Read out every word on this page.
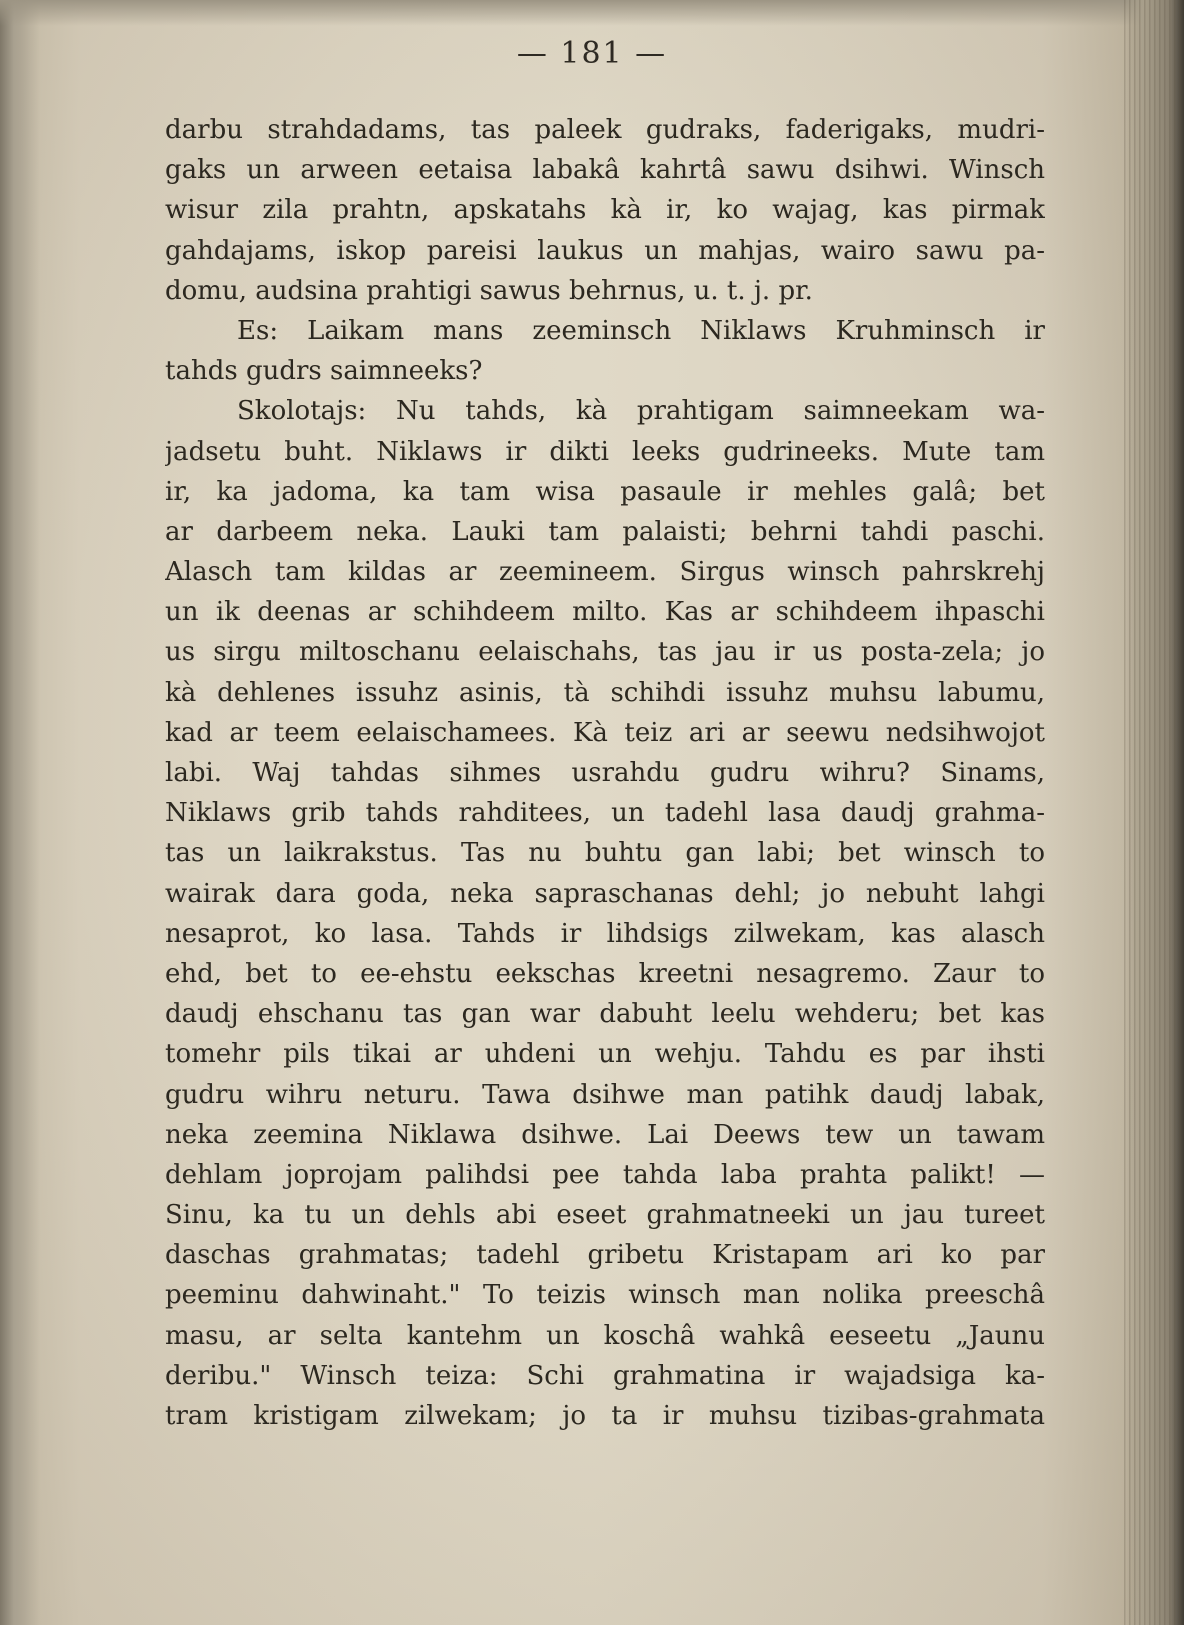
— 181 —
darbu strahdadams, tas paleek gudraks, faderigaks, mudri-
gaks un arween eetaisa labakâ kahrtâ sawu dsihwi. Winsch
wisur zila prahtn, apskatahs kà ir, ko wajag, kas pirmak
gahdajams, iskop pareisi laukus un mahjas, wairo sawu pa-
domu, audsina prahtigi sawus behrnus, u. t. j. pr.
Es: Laikam mans zeeminsch Niklaws Kruhminsch ir
tahds gudrs saimneeks?
Skolotajs: Nu tahds, kà prahtigam saimneekam wa-
jadsetu buht. Niklaws ir dikti leeks gudrineeks. Mute tam
ir, ka jadoma, ka tam wisa pasaule ir mehles galâ; bet
ar darbeem neka. Lauki tam palaisti; behrni tahdi paschi.
Alasch tam kildas ar zeemineem. Sirgus winsch pahrskrehj
un ik deenas ar schihdeem milto. Kas ar schihdeem ihpaschi
us sirgu miltoschanu eelaischahs, tas jau ir us posta-zela; jo
kà dehlenes issuhz asinis, tà schihdi issuhz muhsu labumu,
kad ar teem eelaischamees. Kà teiz ari ar seewu nedsihwojot
labi. Waj tahdas sihmes usrahdu gudru wihru? Sinams,
Niklaws grib tahds rahditees, un tadehl lasa daudj grahma-
tas un laikrakstus. Tas nu buhtu gan labi; bet winsch to
wairak dara goda, neka sapraschanas dehl; jo nebuht lahgi
nesaprot, ko lasa. Tahds ir lihdsigs zilwekam, kas alasch
ehd, bet to ee-ehstu eekschas kreetni nesagremo. Zaur to
daudj ehschanu tas gan war dabuht leelu wehderu; bet kas
tomehr pils tikai ar uhdeni un wehju. Tahdu es par ihsti
gudru wihru neturu. Tawa dsihwe man patihk daudj labak,
neka zeemina Niklawa dsihwe. Lai Deews tew un tawam
dehlam joprojam palihdsi pee tahda laba prahta palikt! —
Sinu, ka tu un dehls abi eseet grahmatneeki un jau tureet
daschas grahmatas; tadehl gribetu Kristapam ari ko par
peeminu dahwinaht." To teizis winsch man nolika preeschâ
masu, ar selta kantehm un koschâ wahkâ eeseetu „Jaunu
deribu." Winsch teiza: Schi grahmatina ir wajadsiga ka-
tram kristigam zilwekam; jo ta ir muhsu tizibas-grahmata
